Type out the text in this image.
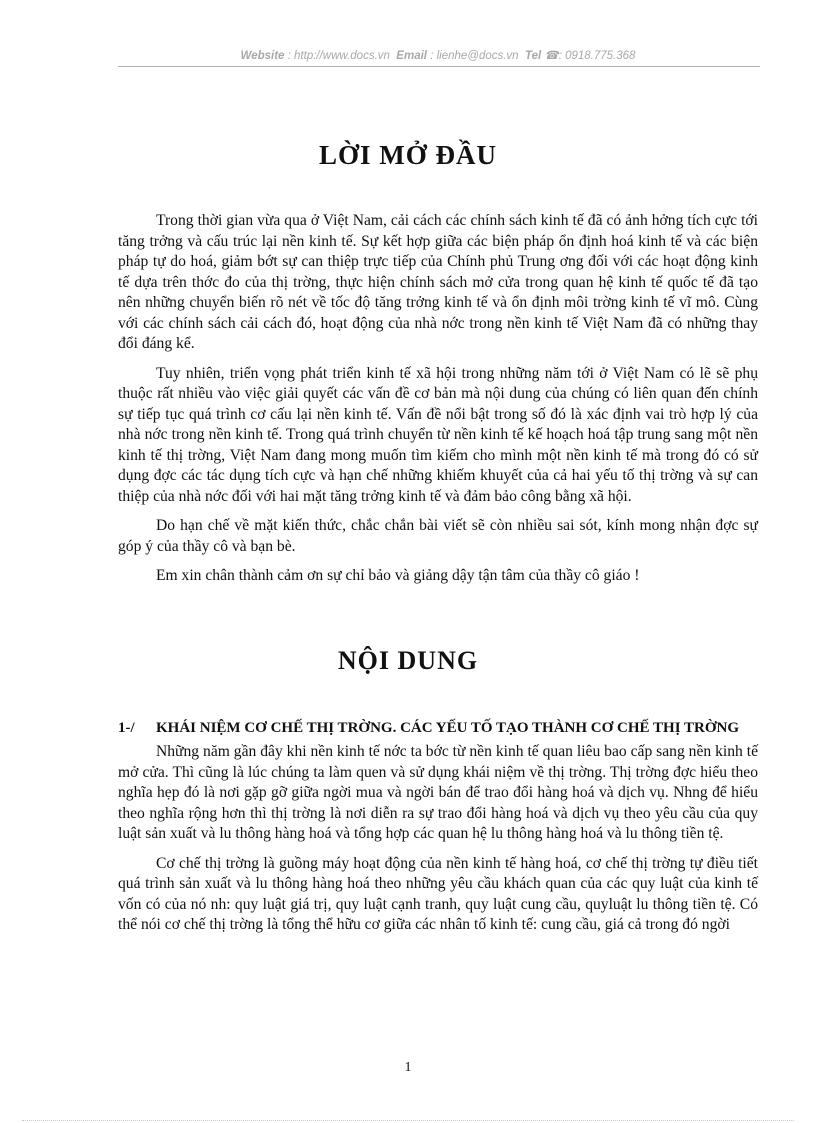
Website : http://www.docs.vn Email : lienhe@docs.vn Tel ☎: 0918.775.368
LỜI MỞ ĐẦU

Trong thời gian vừa qua ở Việt Nam, cải cách các chính sách kinh tế đã có ảnh hởng tích cực tới tăng trởng và cấu trúc lại nền kinh tế. Sự kết hợp giữa các biện pháp ổn định hoá kinh tế và các biện pháp tự do hoá, giảm bớt sự can thiệp trực tiếp của Chính phủ Trung ơng đối với các hoạt động kinh tế dựa trên thớc đo của thị trờng, thực hiện chính sách mở cửa trong quan hệ kinh tế quốc tế đã tạo nên những chuyển biến rõ nét về tốc độ tăng trởng kinh tế và ổn định môi trờng kinh tế vĩ mô. Cùng với các chính sách cải cách đó, hoạt động của nhà nớc trong nền kinh tế Việt Nam đã có những thay đổi đáng kể.

Tuy nhiên, triển vọng phát triển kinh tế xã hội trong những năm tới ở Việt Nam có lẽ sẽ phụ thuộc rất nhiều vào việc giải quyết các vấn đề cơ bản mà nội dung của chúng có liên quan đến chính sự tiếp tục quá trình cơ cấu lại nền kinh tế. Vấn đề nổi bật trong số đó là xác định vai trò hợp lý của nhà nớc trong nền kinh tế. Trong quá trình chuyển từ nền kinh tế kế hoạch hoá tập trung sang một nền kinh tế thị trờng, Việt Nam đang mong muốn tìm kiếm cho mình một nền kinh tế mà trong đó có sử dụng đợc các tác dụng tích cực và hạn chế những khiếm khuyết của cả hai yếu tố thị trờng và sự can thiệp của nhà nớc đối với hai mặt tăng trởng kinh tế và đảm bảo công bằng xã hội.

Do hạn chế về mặt kiến thức, chắc chắn bài viết sẽ còn nhiều sai sót, kính mong nhận đợc sự góp ý của thầy cô và bạn bè.

Em xin chân thành cảm ơn sự chỉ bảo và giảng dậy tận tâm của thầy cô giáo !

NỘI DUNG
1-/ KHÁI NIỆM CƠ CHẾ THỊ TRỜNG. CÁC YẾU TỐ TẠO THÀNH CƠ CHẾ THỊ TRỜNG

Những năm gần đây khi nền kinh tế nớc ta bớc từ nền kinh tế quan liêu bao cấp sang nền kinh tế mở cửa. Thì cũng là lúc chúng ta làm quen và sử dụng khái niệm về thị trờng. Thị trờng đợc hiểu theo nghĩa hẹp đó là nơi gặp gỡ giữa ngời mua và ngời bán để trao đổi hàng hoá và dịch vụ. Nhng để hiểu theo nghĩa rộng hơn thì thị trờng là nơi diễn ra sự trao đổi hàng hoá và dịch vụ theo yêu cầu của quy luật sản xuất và lu thông hàng hoá và tổng hợp các quan hệ lu thông hàng hoá và lu thông tiền tệ.

Cơ chế thị trờng là guồng máy hoạt động của nền kinh tế hàng hoá, cơ chế thị trờng tự điều tiết quá trình sản xuất và lu thông hàng hoá theo những yêu cầu khách quan của các quy luật của kinh tế vốn có của nó nh: quy luật giá trị, quy luật cạnh tranh, quy luật cung cầu, quyluật lu thông tiền tệ. Có thể nói cơ chế thị trờng là tổng thể hữu cơ giữa các nhân tố kinh tế: cung cầu, giá cả trong đó ngời

1
